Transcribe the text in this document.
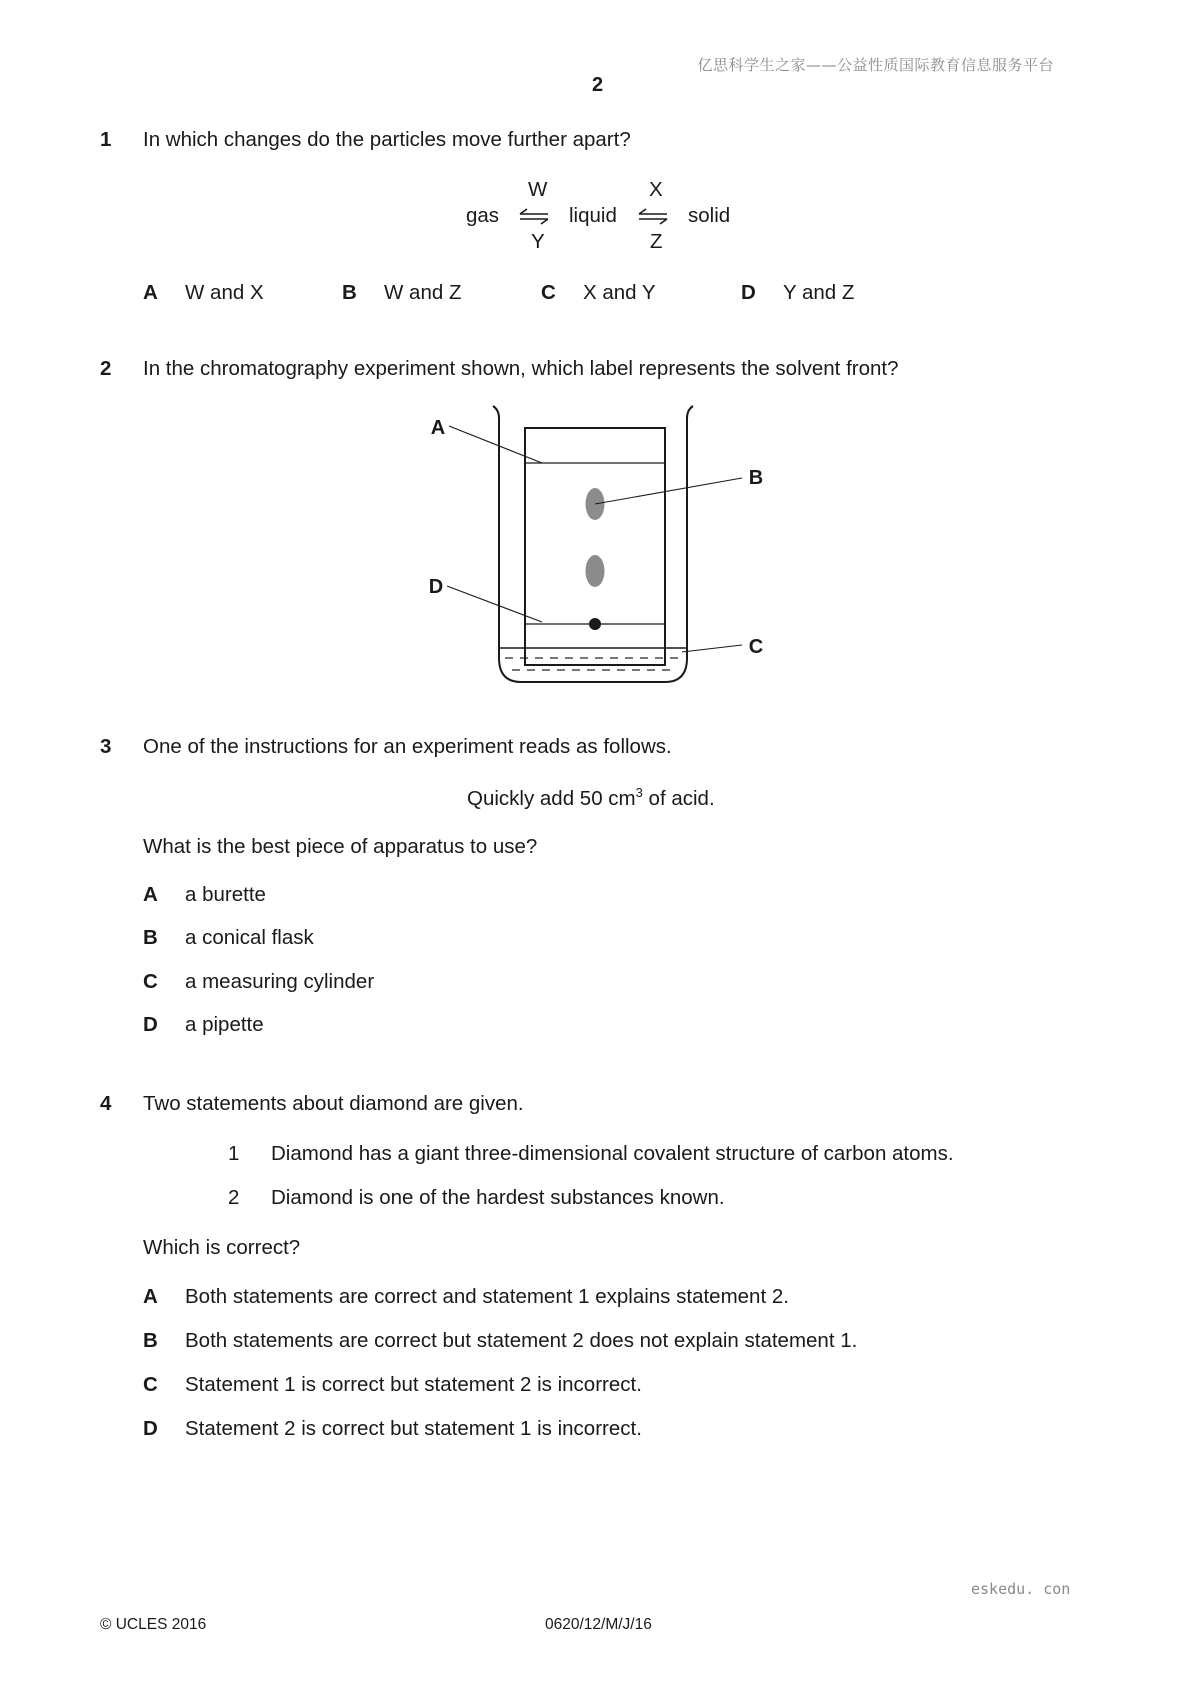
亿思科学生之家——公益性质国际教育信息服务平台
2
1 In which changes do the particles move further apart?
gas	liquid	solid
W
Y
X
Z
A W and X	B W and Z	C X and Y	D Y and Z
2 In the chromatography experiment shown, which label represents the solvent front?
A
B
C
D
3 One of the instructions for an experiment reads as follows.
Quickly add 50 $cm^3$ of acid.
What is the best piece of apparatus to use?
A a burette
B a conical flask
C a measuring cylinder
D a pipette
4 Two statements about diamond are given.
1 Diamond has a giant three-dimensional covalent structure of carbon atoms.
2 Diamond is one of the hardest substances known.
Which is correct?
A Both statements are correct and statement 1 explains statement 2.
B Both statements are correct but statement 2 does not explain statement 1.
C Statement 1 is correct but statement 2 is incorrect.
D Statement 2 is correct but statement 1 is incorrect.
eskedu. con
© UCLES 2016	0620/12/M/J/16
